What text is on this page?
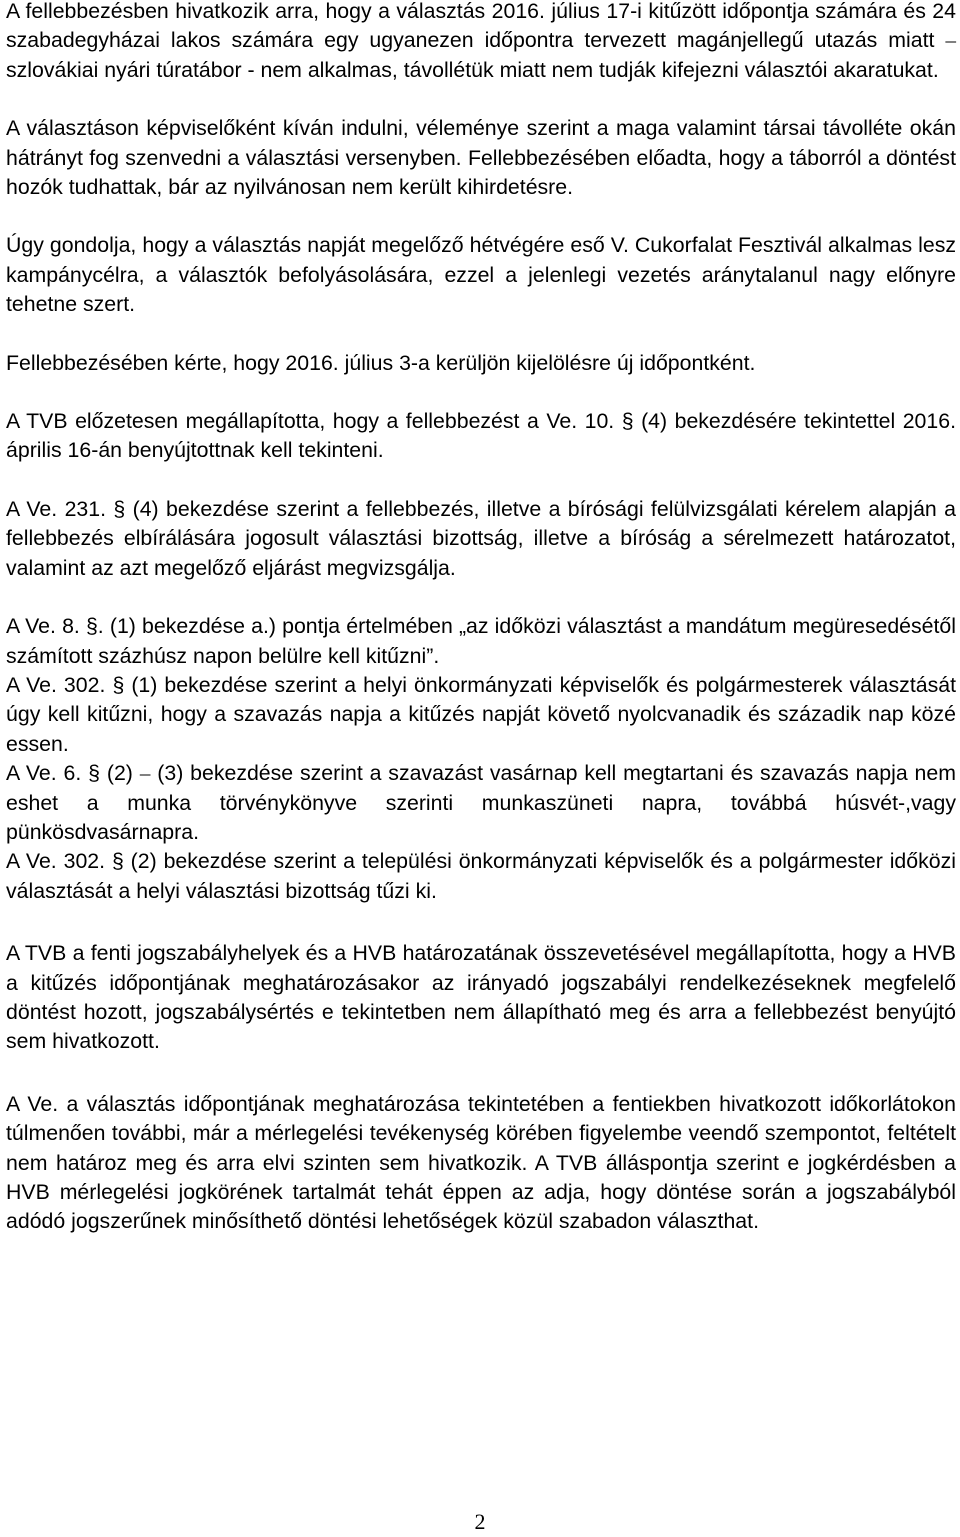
A fellebbezésben hivatkozik arra, hogy a választás 2016. július 17-i kitűzött időpontja számára és 24 szabadegyházai lakos számára egy ugyanezen időpontra tervezett magánjellegű utazás miatt ⎯ szlovákiai nyári túratábor - nem alkalmas, távollétük miatt nem tudják kifejezni választói akaratukat.

A választáson képviselőként kíván indulni, véleménye szerint a maga valamint társai távolléte okán hátrányt fog szenvedni a választási versenyben. Fellebbezésében előadta, hogy a táborról a döntést hozók tudhattak, bár az nyilvánosan nem került kihirdetésre.

Úgy gondolja, hogy a választás napját megelőző hétvégére eső V. Cukorfalat Fesztivál alkalmas lesz kampánycélra, a választók befolyásolására, ezzel a jelenlegi vezetés aránytalanul nagy előnyre tehetne szert.

Fellebbezésében kérte, hogy 2016. július 3-a kerüljön kijelölésre új időpontként.

A TVB előzetesen megállapította, hogy a fellebbezést a Ve. 10. § (4) bekezdésére tekintettel 2016. április 16-án benyújtottnak kell tekinteni.

A Ve. 231. § (4) bekezdése szerint a fellebbezés, illetve a bírósági felülvizsgálati kérelem alapján a fellebbezés elbírálására jogosult választási bizottság, illetve a bíróság a sérelmezett határozatot, valamint az azt megelőző eljárást megvizsgálja.

A Ve. 8. §. (1) bekezdése a.) pontja értelmében „az időközi választást a mandátum megüresedésétől számított százhúsz napon belülre kell kitűzni”.

A Ve. 302. § (1) bekezdése szerint a helyi önkormányzati képviselők és polgármesterek választását úgy kell kitűzni, hogy a szavazás napja a kitűzés napját követő nyolcvanadik és századik nap közé essen.

A Ve. 6. § (2) ⎯ (3) bekezdése szerint a szavazást vasárnap kell megtartani és szavazás napja nem eshet a munka törvénykönyve szerinti munkaszüneti napra, továbbá húsvét-,vagy pünkösdvasárnapra.

A Ve. 302. § (2) bekezdése szerint a települési önkormányzati képviselők és a polgármester időközi választását a helyi választási bizottság tűzi ki.

A TVB a fenti jogszabályhelyek és a HVB határozatának összevetésével megállapította, hogy a HVB a kitűzés időpontjának meghatározásakor az irányadó jogszabályi rendelkezéseknek megfelelő döntést hozott, jogszabálysértés e tekintetben nem állapítható meg és arra a fellebbezést benyújtó sem hivatkozott.

A Ve. a választás időpontjának meghatározása tekintetében a fentiekben hivatkozott időkorlátokon túlmenően további, már a mérlegelési tevékenység körében figyelembe veendő szempontot, feltételt nem határoz meg és arra elvi szinten sem hivatkozik. A TVB álláspontja szerint e jogkérdésben a HVB mérlegelési jogkörének tartalmát tehát éppen az adja, hogy döntése során a jogszabályból adódó jogszerűnek minősíthető döntési lehetőségek közül szabadon választhat.

2
